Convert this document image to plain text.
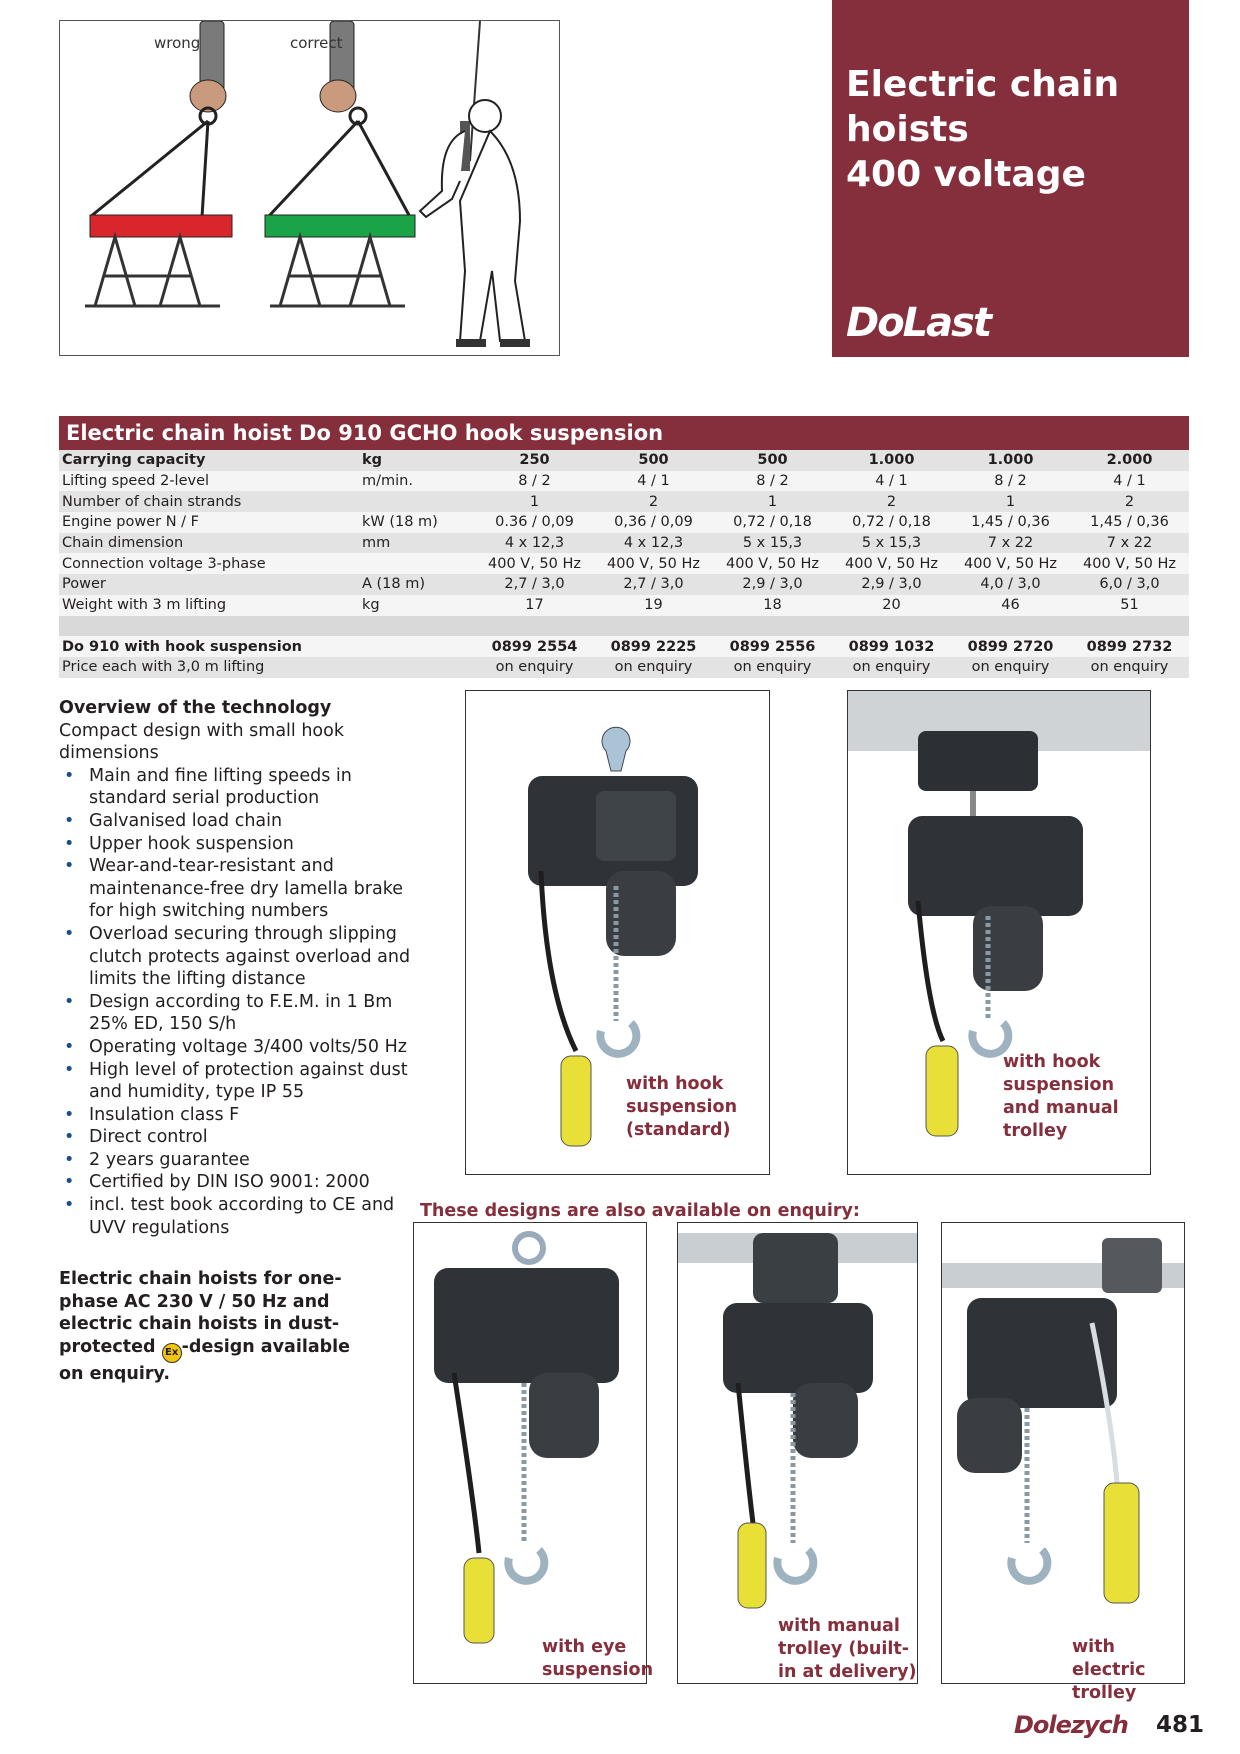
wrong	correct
Electric chain
hoists
400 voltage
DoLast
Electric chain hoist Do 910 GCHO hook suspension
Carrying capacity	kg	250	500	500	1.000	1.000	2.000
Lifting speed 2-level	m/min.	8 / 2	4 / 1	8 / 2	4 / 1	8 / 2	4 / 1
Number of chain strands		1	2	1	2	1	2
Engine power N / F	kW (18 m)	0.36 / 0,09	0,36 / 0,09	0,72 / 0,18	0,72 / 0,18	1,45 / 0,36	1,45 / 0,36
Chain dimension	mm	4 x 12,3	4 x 12,3	5 x 15,3	5 x 15,3	7 x 22	7 x 22
Connection voltage 3-phase		400 V, 50 Hz	400 V, 50 Hz	400 V, 50 Hz	400 V, 50 Hz	400 V, 50 Hz	400 V, 50 Hz
Power	A (18 m)	2,7 / 3,0	2,7 / 3,0	2,9 / 3,0	2,9 / 3,0	4,0 / 3,0	6,0 / 3,0
Weight with 3 m lifting	kg	17	19	18	20	46	51

Do 910 with hook suspension		0899 2554	0899 2225	0899 2556	0899 1032	0899 2720	0899 2732
Price each with 3,0 m lifting		on enquiry	on enquiry	on enquiry	on enquiry	on enquiry	on enquiry
Overview of the technology

Compact design with small hook dimensions

• Main and fine lifting speeds in standard serial production
• Galvanised load chain
• Upper hook suspension
• Wear-and-tear-resistant and maintenance-free dry lamella brake for high switching numbers
• Overload securing through slipping clutch protects against overload and limits the lifting distance
• Design according to F.E.M. in 1 Bm 25% ED, 150 S/h
• Operating voltage 3/400 volts/50 Hz
• High level of protection against dust and humidity, type IP 55
• Insulation class F
• Direct control
• 2 years guarantee
• Certified by DIN ISO 9001: 2000
• incl. test book according to CE and UVV regulations
Electric chain hoists for one-phase AC 230 V / 50 Hz and electric chain hoists in dust-protected Ex -design available on enquiry.
with hook suspension (standard)
with hook suspension and manual trolley
These designs are also available on enquiry:
with eye suspension
with manual trolley (built-in at delivery)
with electric trolley
Dolezych 481
